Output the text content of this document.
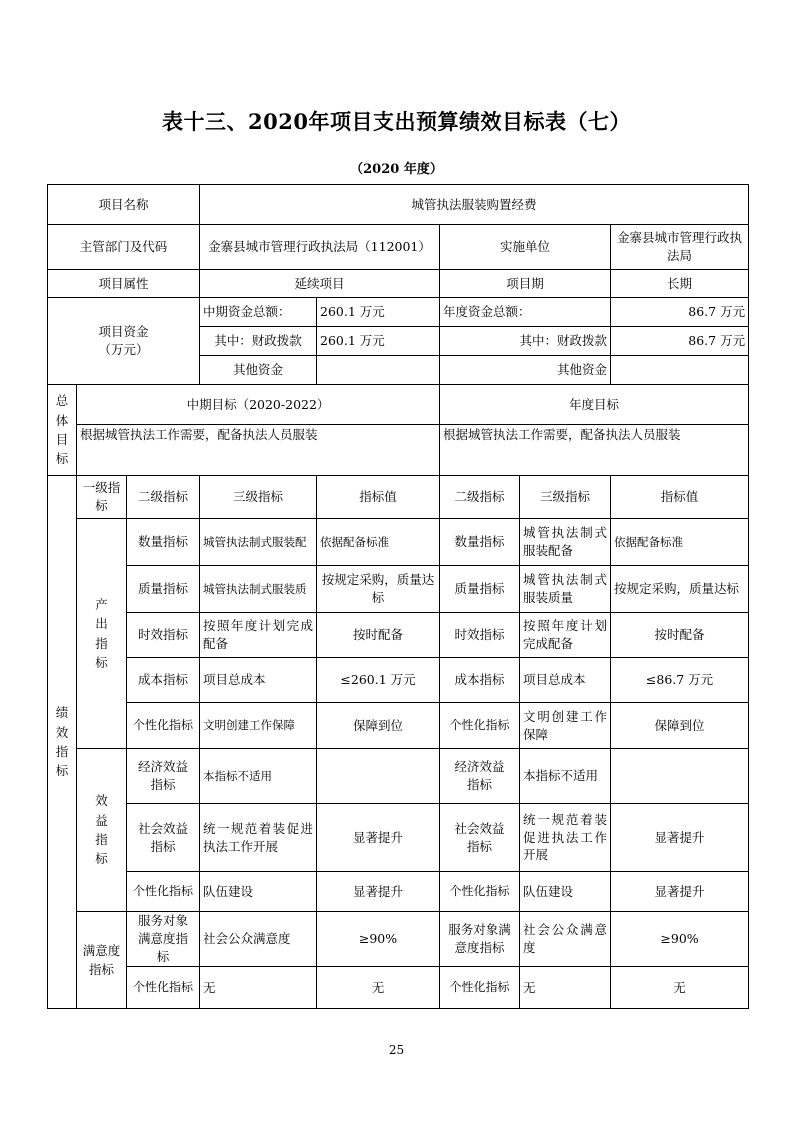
表十三、2020年项目支出预算绩效目标表（七）
（2020 年度）
项目名称			城管执法服装购置经费				
主管部门及代码			金寨县城市管理行政执法局（112001）		实施单位		金寨县城市管理行政执法局
项目属性			延续项目		项目期		长期
项目资金（万元）			中期资金总额：	260.1 万元	年度资金总额：		86.7 万元
			其中：财政拨款	260.1 万元	其中：财政拨款		86.7 万元
			其他资金		其他资金		
总体目标	中期目标（2020-2022）				年度目标		
	根据城管执法工作需要，配备执法人员服装				根据城管执法工作需要，配备执法人员服装		
绩效指标	一级指标	二级指标	三级指标	指标值	二级指标	三级指标	指标值
	产出指标	数量指标	城管执法制式服装配	依据配备标准	数量指标	城管执法制式服装配备	依据配备标准
		质量指标	城管执法制式服装质	按规定采购，质量达标	质量指标	城管执法制式服装质量	按规定采购，质量达标
		时效指标	按照年度计划完成配备	按时配备	时效指标	按照年度计划完成配备	按时配备
		成本指标	项目总成本	≤260.1 万元	成本指标	项目总成本	≤86.7 万元
		个性化指标	文明创建工作保障	保障到位	个性化指标	文明创建工作保障	保障到位
	效益指标	经济效益指标	本指标不适用		经济效益指标	本指标不适用	
		社会效益指标	统一规范着装促进执法工作开展	显著提升	社会效益指标	统一规范着装促进执法工作开展	显著提升
		个性化指标	队伍建设	显著提升	个性化指标	队伍建设	显著提升
	满意度指标	服务对象满意度指标	社会公众满意度	≥90%	服务对象满意度指标	社会公众满意度	≥90%
		个性化指标	无	无	个性化指标	无	无
25
